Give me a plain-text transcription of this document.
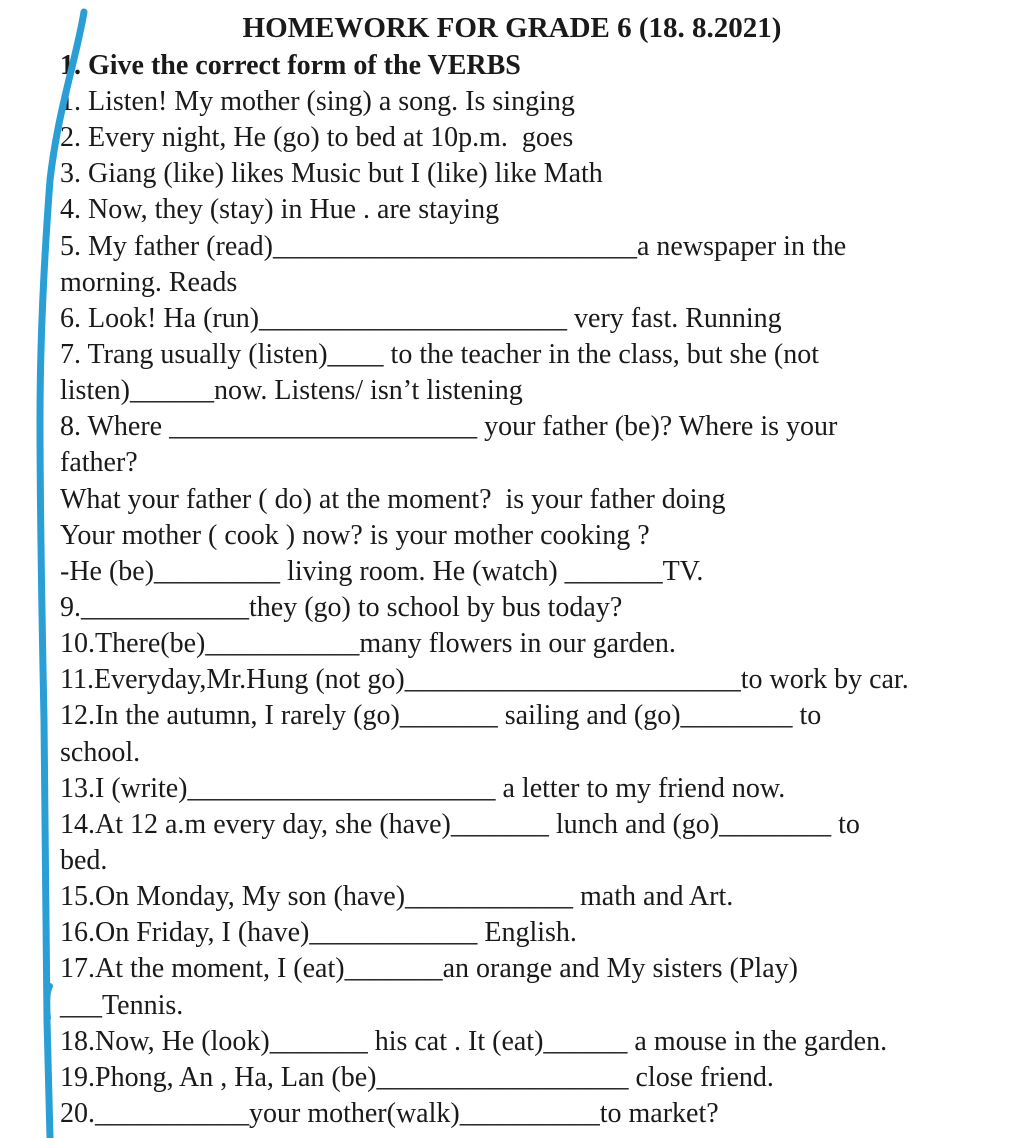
HOMEWORK FOR GRADE 6 (18. 8.2021)
1. Give the correct form of the VERBS
1. Listen! My mother (sing) a song. Is singing
2. Every night, He (go) to bed at 10p.m.  goes
3. Giang (like) likes Music but I (like) like Math
4. Now, they (stay) in Hue . are staying
5. My father (read)__________________________a newspaper in the
morning. Reads
6. Look! Ha (run)______________________ very fast. Running
7. Trang usually (listen)____ to the teacher in the class, but she (not
listen)______now. Listens/ isn’t listening
8. Where ______________________ your father (be)? Where is your
father?
What your father ( do) at the moment?  is your father doing
Your mother ( cook ) now? is your mother cooking ?
-He (be)_________ living room. He (watch) _______TV.
9.____________they (go) to school by bus today?
10.There(be)___________many flowers in our garden.
11.Everyday,Mr.Hung (not go)________________________to work by car.
12.In the autumn, I rarely (go)_______ sailing and (go)________ to
school.
13.I (write)______________________ a letter to my friend now.
14.At 12 a.m every day, she (have)_______ lunch and (go)________ to
bed.
15.On Monday, My son (have)____________ math and Art.
16.On Friday, I (have)____________ English.
17.At the moment, I (eat)_______an orange and My sisters (Play)
___Tennis.
18.Now, He (look)_______ his cat . It (eat)______ a mouse in the garden.
19.Phong, An , Ha, Lan (be)__________________ close friend.
20.___________your mother(walk)__________to market?
